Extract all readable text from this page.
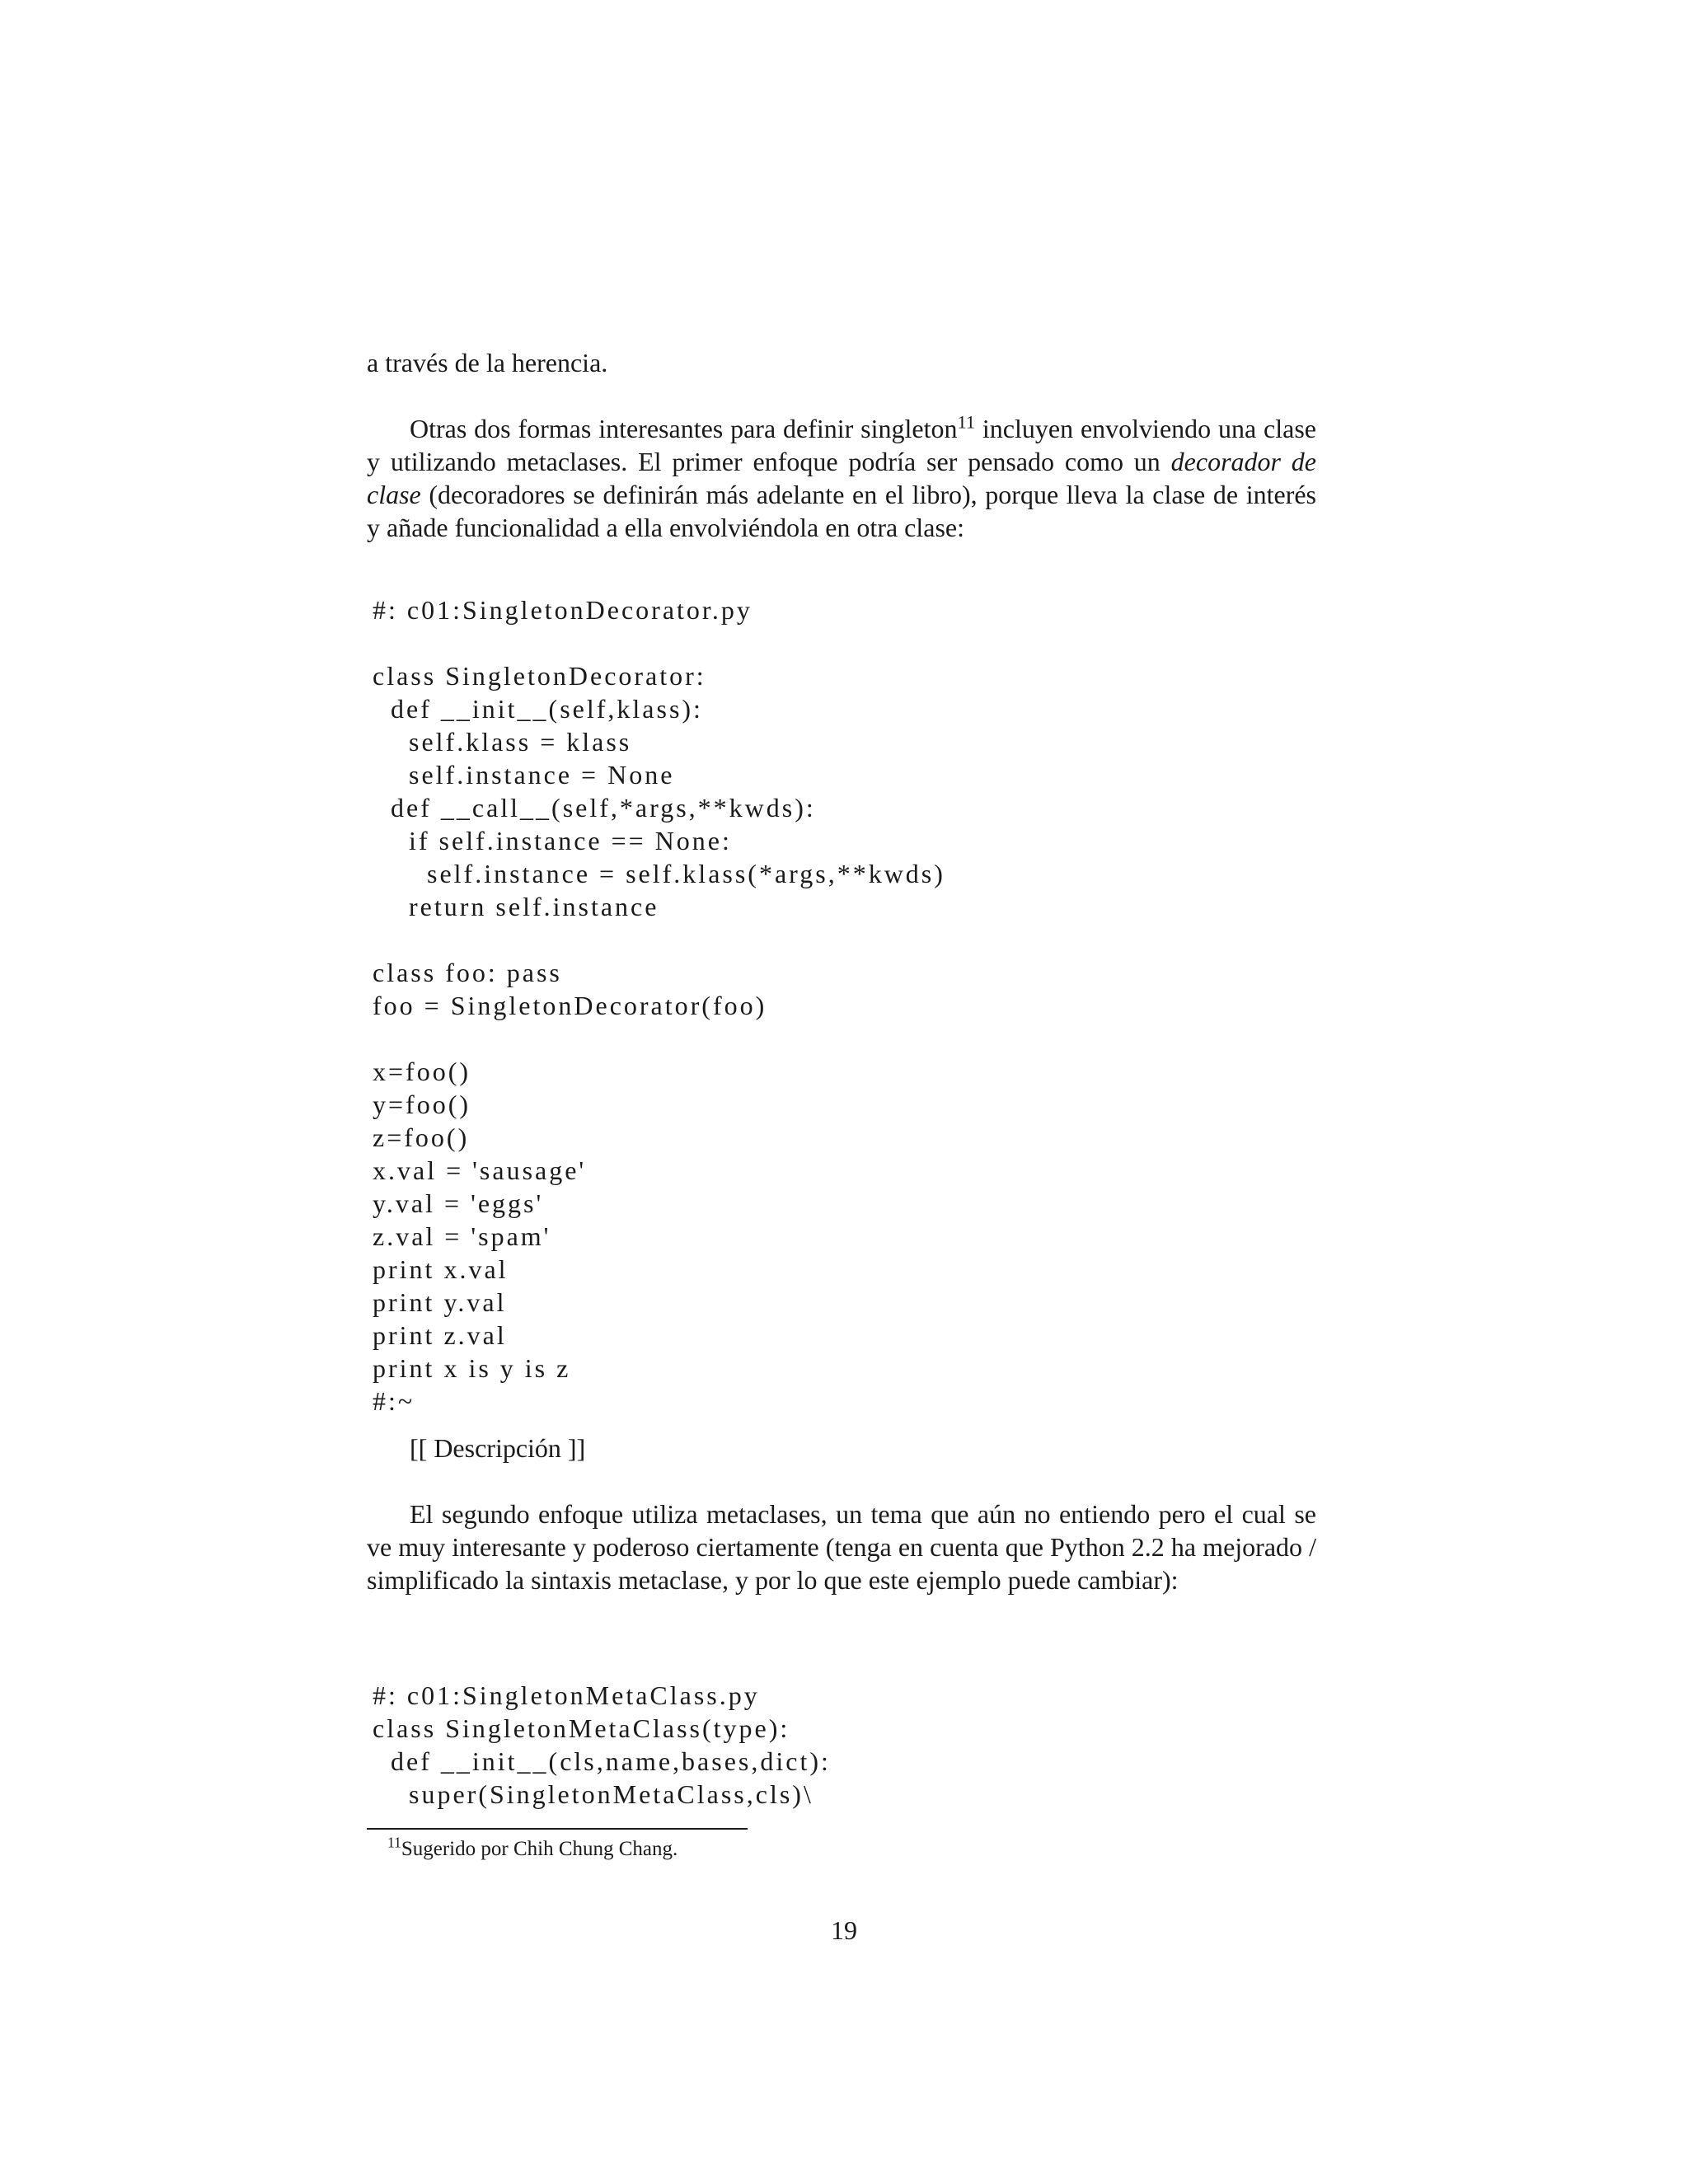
a través de la herencia.
Otras dos formas interesantes para definir singleton$^{11}$ incluyen envolviendo una clase y utilizando metaclases. El primer enfoque podría ser pensado como un decorador de clase (decoradores se definirán más adelante en el libro), porque lleva la clase de interés y añade funcionalidad a ella envolviéndola en otra clase:
#: c01:SingletonDecorator.py

class SingletonDecorator:
def __init__(self,klass):
self.klass = klass
self.instance = None
def __call__(self,*args,**kwds):
if self.instance == None:
self.instance = self.klass(*args,**kwds)
return self.instance

class foo: pass
foo = SingletonDecorator(foo)

x=foo()
y=foo()
z=foo()
x.val = 'sausage'
y.val = 'eggs'
z.val = 'spam'
print x.val
print y.val
print z.val
print x is y is z
#:~
[[ Descripción ]]
El segundo enfoque utiliza metaclases, un tema que aún no entiendo pero el cual se ve muy interesante y poderoso ciertamente (tenga en cuenta que Python 2.2 ha mejorado / simplificado la sintaxis metaclase, y por lo que este ejemplo puede cambiar):
#: c01:SingletonMetaClass.py
class SingletonMetaClass(type):
def __init__(cls,name,bases,dict):
super(SingletonMetaClass,cls)\
$^{11}$Sugerido por Chih Chung Chang.
19
